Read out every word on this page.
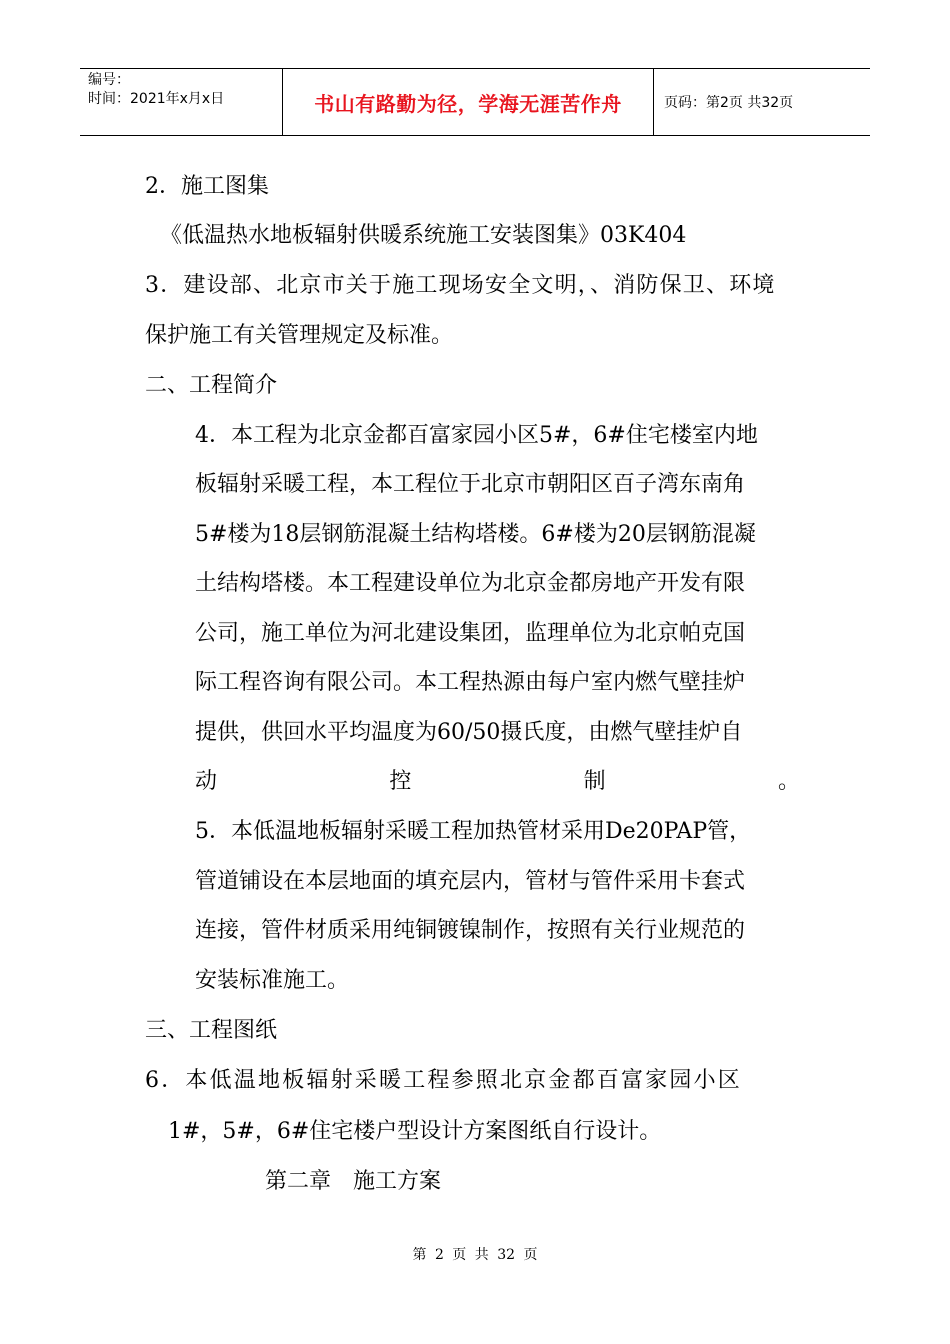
编号：
时间：2021年x月x日	书山有路勤为径，学海无涯苦作舟	页码：第2页 共32页
2．施工图集
《低温热水地板辐射供暖系统施工安装图集》03K404
3．建设部、北京市关于施工现场安全文明，、消防保卫、环境
保护施工有关管理规定及标准。
二、工程简介
4．本工程为北京金都百富家园小区5#，6#住宅楼室内地
板辐射采暖工程，本工程位于北京市朝阳区百子湾东南角
5#楼为18层钢筋混凝土结构塔楼。6#楼为20层钢筋混凝
土结构塔楼。本工程建设单位为北京金都房地产开发有限
公司，施工单位为河北建设集团，监理单位为北京帕克国
际工程咨询有限公司。本工程热源由每户室内燃气壁挂炉
提供，供回水平均温度为60/50摄氏度，由燃气壁挂炉自
动	控	制	。
5．本低温地板辐射采暖工程加热管材采用De20PAP管，
管道铺设在本层地面的填充层内，管材与管件采用卡套式
连接，管件材质采用纯铜镀镍制作，按照有关行业规范的
安装标准施工。
三、工程图纸
6．本低温地板辐射采暖工程参照北京金都百富家园小区
1#，5#，6#住宅楼户型设计方案图纸自行设计。
第二章　施工方案
第 2 页 共 32 页
